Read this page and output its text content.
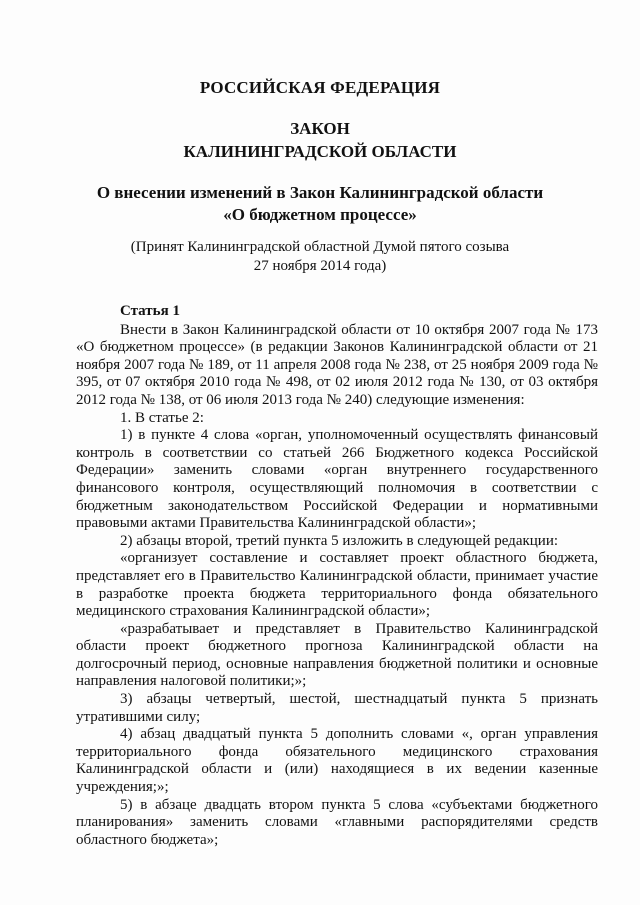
РОССИЙСКАЯ ФЕДЕРАЦИЯ
ЗАКОН
КАЛИНИНГРАДСКОЙ ОБЛАСТИ
О внесении изменений в Закон Калининградской области
«О бюджетном процессе»
(Принят Калининградской областной Думой пятого созыва
27 ноября 2014 года)

Статья 1

Внести в Закон Калининградской области от 10 октября 2007 года № 173 «О бюджетном процессе» (в редакции Законов Калининградской области от 21 ноября 2007 года № 189, от 11 апреля 2008 года № 238, от 25 ноября 2009 года № 395, от 07 октября 2010 года № 498, от 02 июля 2012 года № 130, от 03 октября 2012 года № 138, от 06 июля 2013 года № 240) следующие изменения:

1. В статье 2:

1) в пункте 4 слова «орган, уполномоченный осуществлять финансовый контроль в соответствии со статьей 266 Бюджетного кодекса Российской Федерации» заменить словами «орган внутреннего государственного финансового контроля, осуществляющий полномочия в соответствии с бюджетным законодательством Российской Федерации и нормативными правовыми актами Правительства Калининградской области»;

2) абзацы второй, третий пункта 5 изложить в следующей редакции:

«организует составление и составляет проект областного бюджета, представляет его в Правительство Калининградской области, принимает участие в разработке проекта бюджета территориального фонда обязательного медицинского страхования Калининградской области»;

«разрабатывает и представляет в Правительство Калининградской области проект бюджетного прогноза Калининградской области на долгосрочный период, основные направления бюджетной политики и основные направления налоговой политики;»;

3) абзацы четвертый, шестой, шестнадцатый пункта 5 признать утратившими силу;

4) абзац двадцатый пункта 5 дополнить словами «, орган управления территориального фонда обязательного медицинского страхования Калининградской области и (или) находящиеся в их ведении казенные учреждения;»;

5) в абзаце двадцать втором пункта 5 слова «субъектами бюджетного планирования» заменить словами «главными распорядителями средств областного бюджета»;
